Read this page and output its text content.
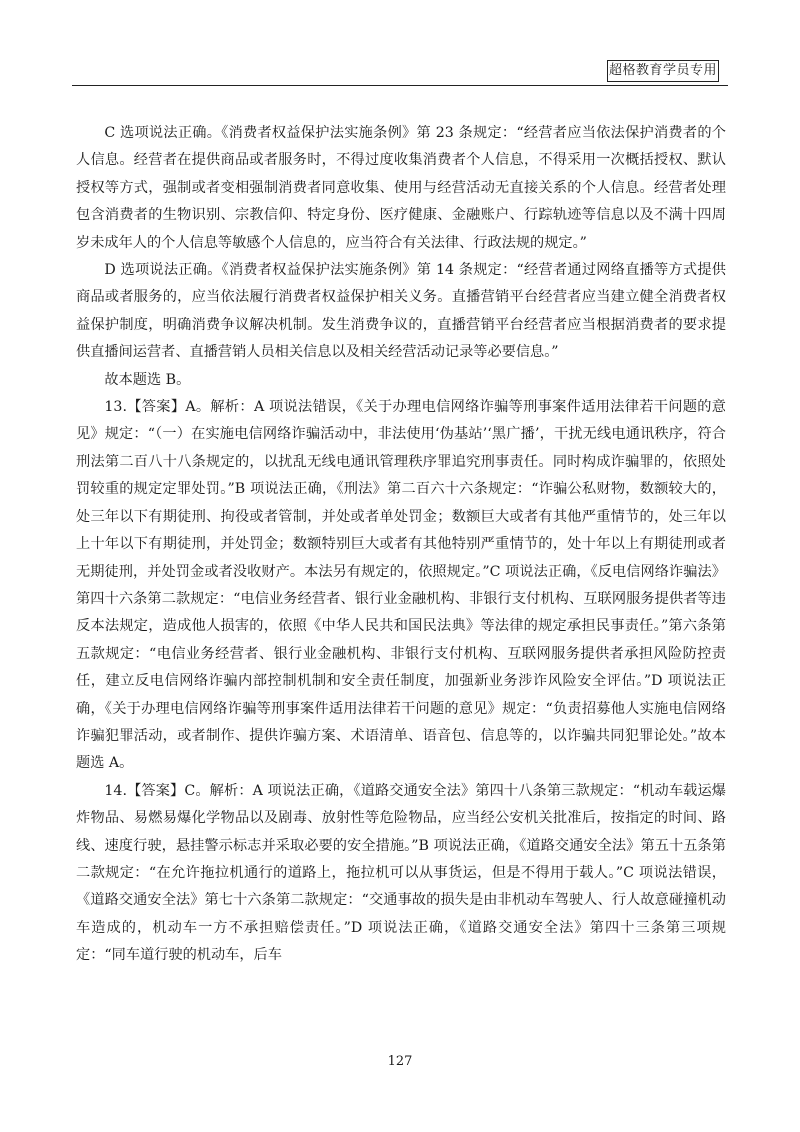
超格教育学员专用

C 选项说法正确。《消费者权益保护法实施条例》第 23 条规定：“经营者应当依法保护消费者的个人信息。经营者在提供商品或者服务时，不得过度收集消费者个人信息，不得采用一次概括授权、默认授权等方式，强制或者变相强制消费者同意收集、使用与经营活动无直接关系的个人信息。经营者处理包含消费者的生物识别、宗教信仰、特定身份、医疗健康、金融账户、行踪轨迹等信息以及不满十四周岁未成年人的个人信息等敏感个人信息的，应当符合有关法律、行政法规的规定。”

D 选项说法正确。《消费者权益保护法实施条例》第 14 条规定：“经营者通过网络直播等方式提供商品或者服务的，应当依法履行消费者权益保护相关义务。直播营销平台经营者应当建立健全消费者权益保护制度，明确消费争议解决机制。发生消费争议的，直播营销平台经营者应当根据消费者的要求提供直播间运营者、直播营销人员相关信息以及相关经营活动记录等必要信息。”

故本题选 B。

13.【答案】A。解析：A 项说法错误，《关于办理电信网络诈骗等刑事案件适用法律若干问题的意见》规定：“（一）在实施电信网络诈骗活动中，非法使用‘伪基站’‘黑广播’，干扰无线电通讯秩序，符合刑法第二百八十八条规定的，以扰乱无线电通讯管理秩序罪追究刑事责任。同时构成诈骗罪的，依照处罚较重的规定定罪处罚。”B 项说法正确，《刑法》第二百六十六条规定：“诈骗公私财物，数额较大的，处三年以下有期徒刑、拘役或者管制，并处或者单处罚金；数额巨大或者有其他严重情节的，处三年以上十年以下有期徒刑，并处罚金；数额特别巨大或者有其他特别严重情节的，处十年以上有期徒刑或者无期徒刑，并处罚金或者没收财产。本法另有规定的，依照规定。”C 项说法正确，《反电信网络诈骗法》第四十六条第二款规定：“电信业务经营者、银行业金融机构、非银行支付机构、互联网服务提供者等违反本法规定，造成他人损害的，依照《中华人民共和国民法典》等法律的规定承担民事责任。”第六条第五款规定：“电信业务经营者、银行业金融机构、非银行支付机构、互联网服务提供者承担风险防控责任，建立反电信网络诈骗内部控制机制和安全责任制度，加强新业务涉诈风险安全评估。”D 项说法正确，《关于办理电信网络诈骗等刑事案件适用法律若干问题的意见》规定：“负责招募他人实施电信网络诈骗犯罪活动，或者制作、提供诈骗方案、术语清单、语音包、信息等的，以诈骗共同犯罪论处。”故本题选 A。

14.【答案】C。解析：A 项说法正确，《道路交通安全法》第四十八条第三款规定：“机动车载运爆炸物品、易燃易爆化学物品以及剧毒、放射性等危险物品，应当经公安机关批准后，按指定的时间、路线、速度行驶，悬挂警示标志并采取必要的安全措施。”B 项说法正确，《道路交通安全法》第五十五条第二款规定：“在允许拖拉机通行的道路上，拖拉机可以从事货运，但是不得用于载人。”C 项说法错误，《道路交通安全法》第七十六条第二款规定：“交通事故的损失是由非机动车驾驶人、行人故意碰撞机动车造成的，机动车一方不承担赔偿责任。”D 项说法正确，《道路交通安全法》第四十三条第三项规定：“同车道行驶的机动车，后车

127
